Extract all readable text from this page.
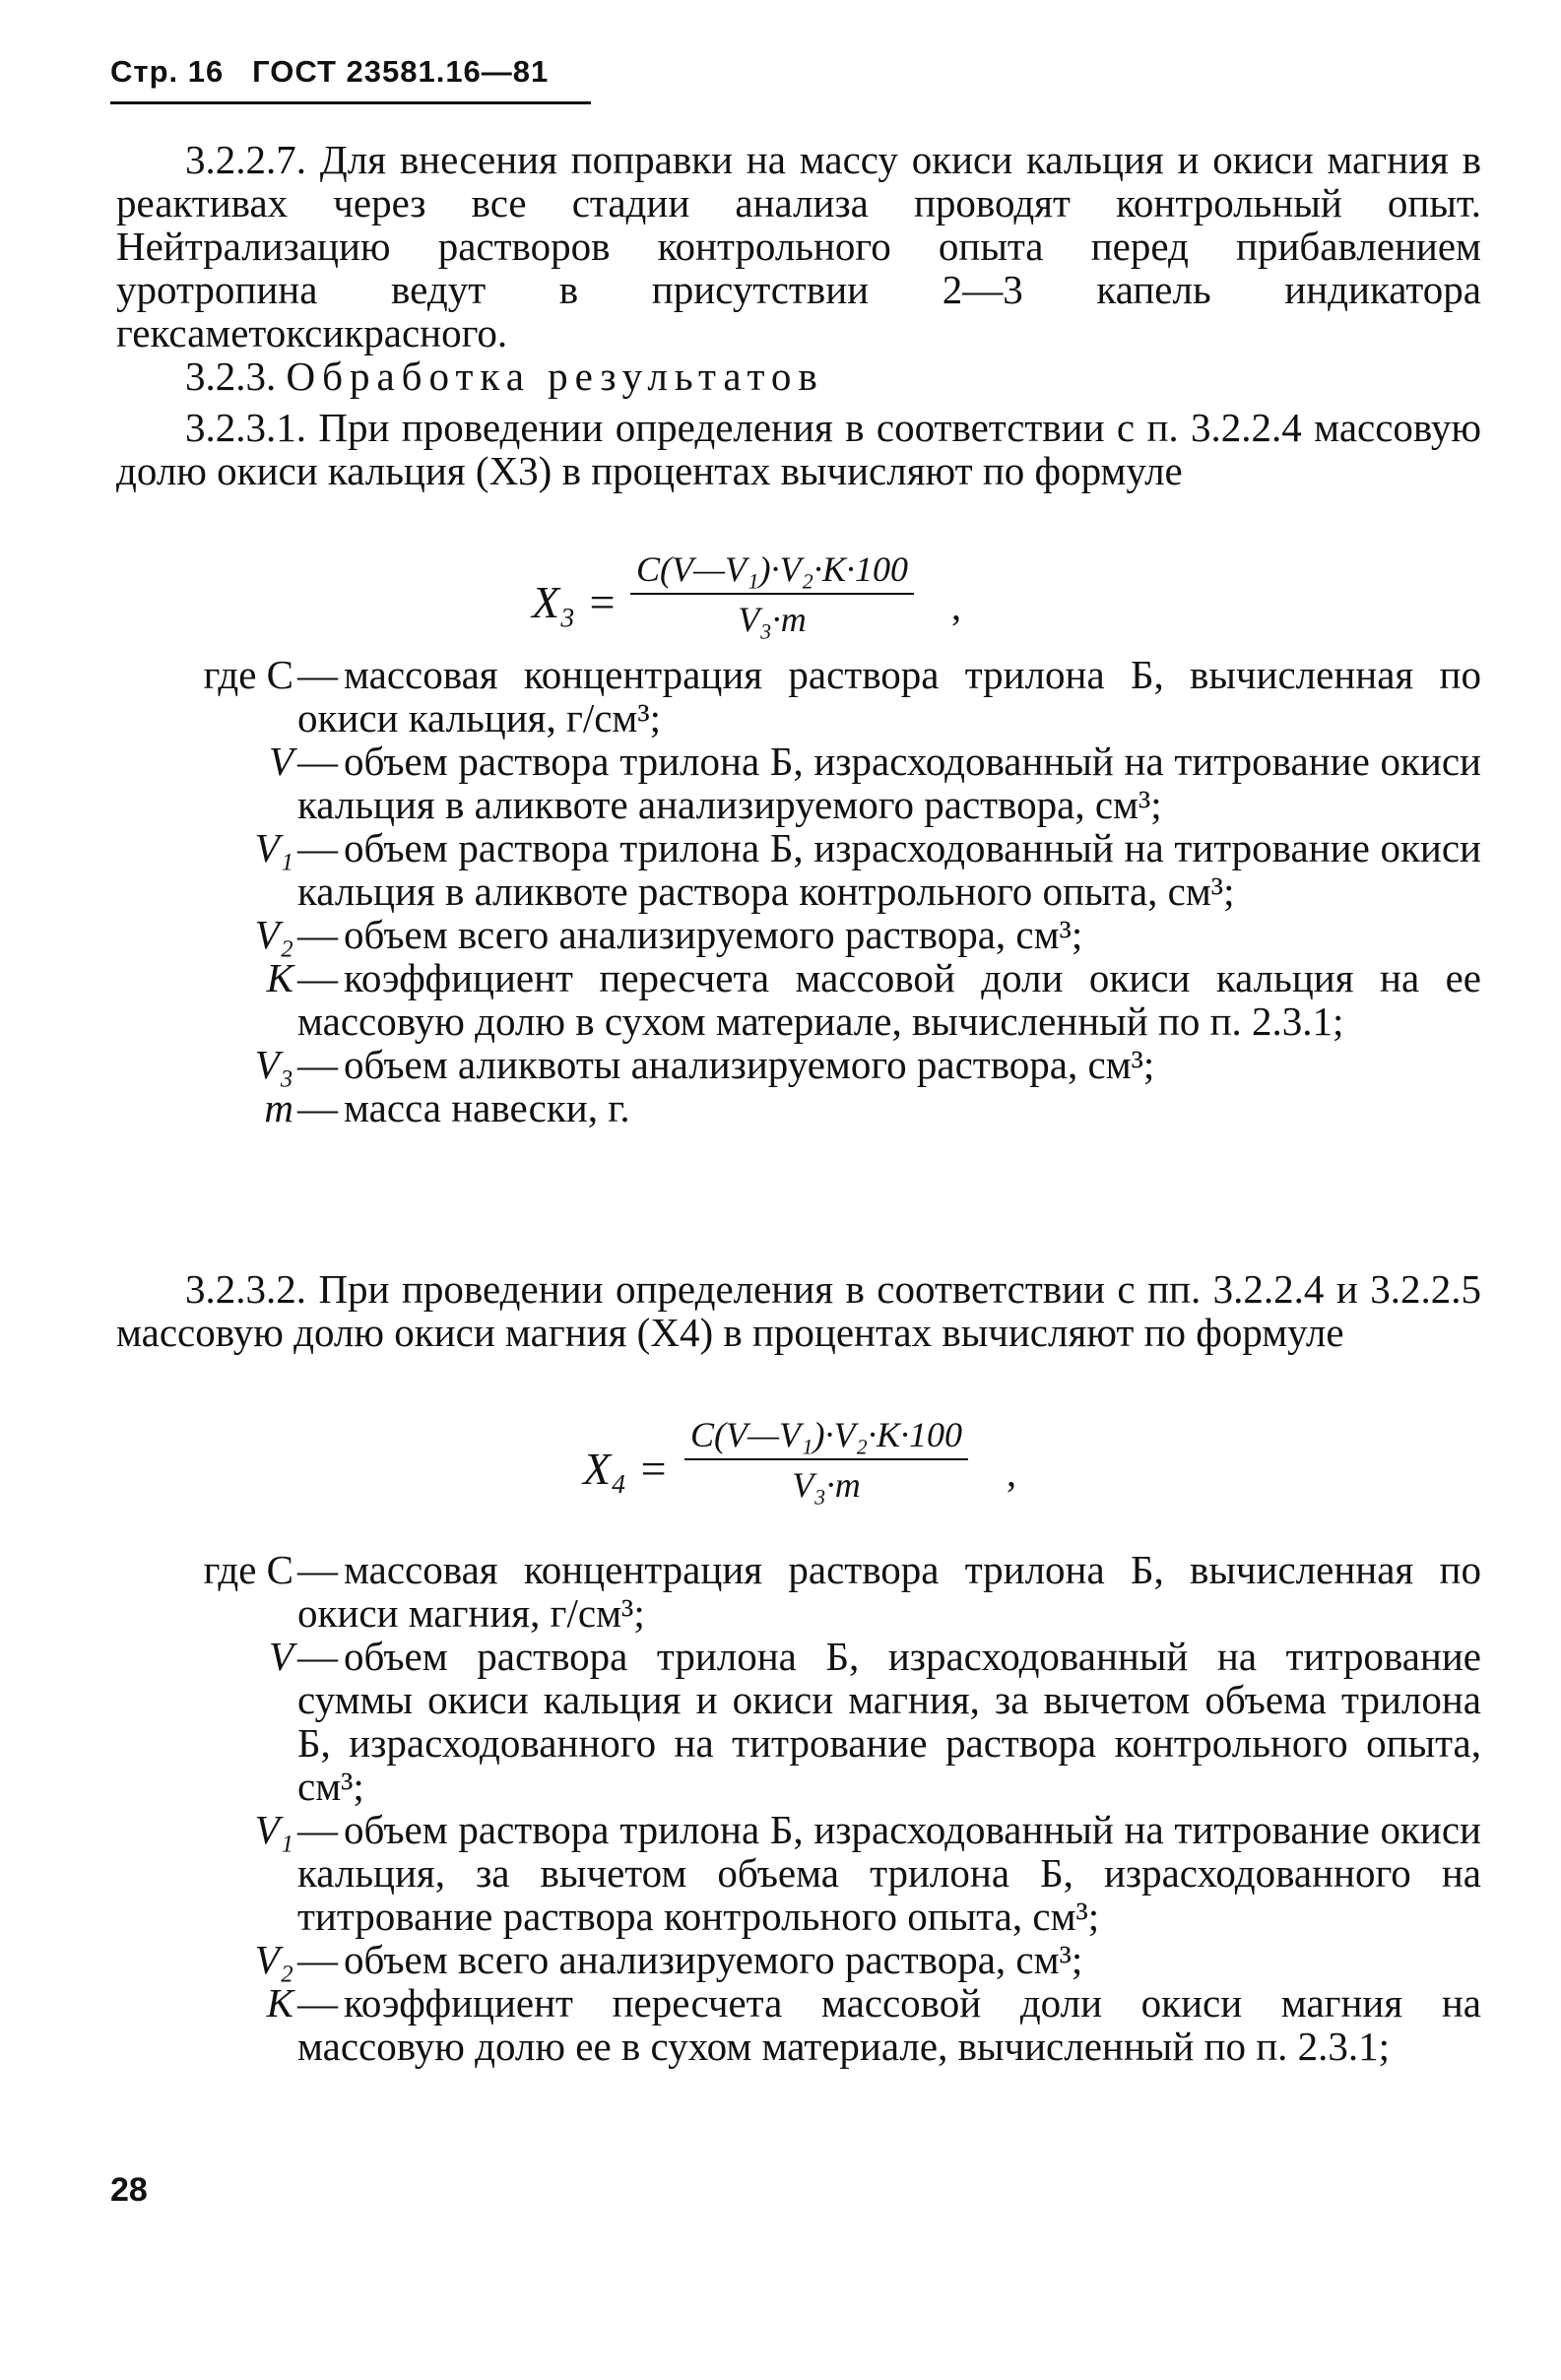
Стр. 16 ГОСТ 23581.16—81
3.2.2.7. Для внесения поправки на массу окиси кальция и окиси магния в реактивах через все стадии анализа проводят контрольный опыт. Нейтрализацию растворов контрольного опыта перед прибавлением уротропина ведут в присутствии 2—3 капель индикатора гексаметоксикрасного.
3.2.3. Обработка результатов
3.2.3.1. При проведении определения в соответствии с п. 3.2.2.4 массовую долю окиси кальция (X3) в процентах вычисляют по формуле
$X_3 = \frac{\text{C(V—V₁)·V₂·K·100}}{\text{V₃·m}}$ ,
где C — массовая концентрация раствора трилона Б, вычисленная по окиси кальция, г/см³;
V — объем раствора трилона Б, израсходованный на титрование окиси кальция в аликвоте анализируемого раствора, см³;
V₁ — объем раствора трилона Б, израсходованный на титрование окиси кальция в аликвоте раствора контрольного опыта, см³;
V₂ — объем всего анализируемого раствора, см³;
K — коэффициент пересчета массовой доли окиси кальция на ее массовую долю в сухом материале, вычисленный по п. 2.3.1;
V₃ — объем аликвоты анализируемого раствора, см³;
m — масса навески, г.
3.2.3.2. При проведении определения в соответствии с пп. 3.2.2.4 и 3.2.2.5 массовую долю окиси магния (X4) в процентах вычисляют по формуле
$X_4 = \frac{\text{C(V—V₁)·V₂·K·100}}{\text{V₃·m}}$ ,
где C — массовая концентрация раствора трилона Б, вычисленная по окиси магния, г/см³;
V — объем раствора трилона Б, израсходованный на титрование суммы окиси кальция и окиси магния, за вычетом объема трилона Б, израсходованного на титрование раствора контрольного опыта, см³;
V₁ — объем раствора трилона Б, израсходованный на титрование окиси кальция, за вычетом объема трилона Б, израсходованного на титрование раствора контрольного опыта, см³;
V₂ — объем всего анализируемого раствора, см³;
K — коэффициент пересчета массовой доли окиси магния на массовую долю ее в сухом материале, вычисленный по п. 2.3.1;
28
